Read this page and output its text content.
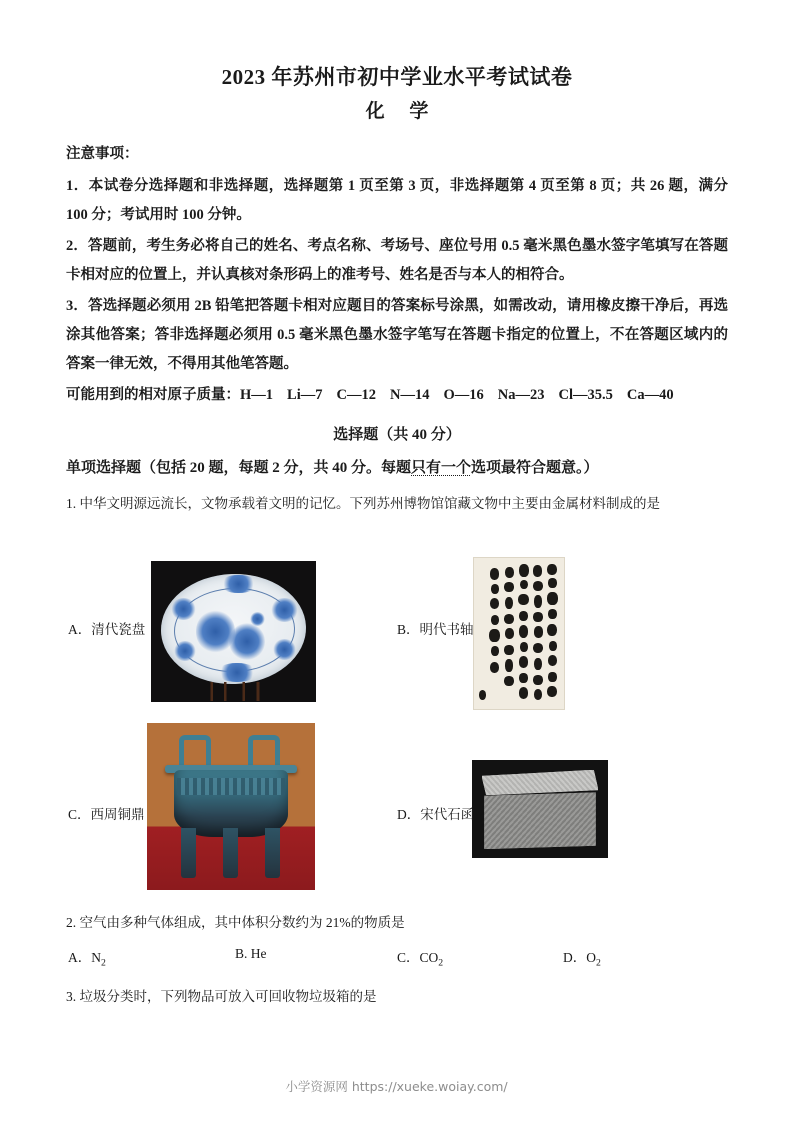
2023 年苏州市初中学业水平考试试卷
化 学
注意事项：
1．本试卷分选择题和非选择题，选择题第 1 页至第 3 页，非选择题第 4 页至第 8 页；共 26 题，满分 100 分；考试用时 100 分钟。
2．答题前，考生务必将自己的姓名、考点名称、考场号、座位号用 0.5 毫米黑色墨水签字笔填写在答题卡相对应的位置上，并认真核对条形码上的准考号、姓名是否与本人的相符合。
3．答选择题必须用 2B 铅笔把答题卡相对应题目的答案标号涂黑，如需改动，请用橡皮擦干净后，再选涂其他答案；答非选择题必须用 0.5 毫米黑色墨水签字笔写在答题卡指定的位置上，不在答题区域内的答案一律无效，不得用其他笔答题。
可能用到的相对原子质量：H—1 Li—7 C—12 N—14 O—16 Na—23 Cl—35.5 Ca—40
选择题（共 40 分）
单项选择题（包括 20 题，每题 2 分，共 40 分。每题只有一个选项最符合题意。）
1. 中华文明源远流长，文物承载着文明的记忆。下列苏州博物馆馆藏文物中主要由金属材料制成的是
A．清代瓷盘	B．明代书轴
C．西周铜鼎	D．宋代石函
2. 空气由多种气体组成，其中体积分数约为 21%的物质是
A．$N_2$
B. He	C．$CO_2$	D．$O_2$
3. 垃圾分类时，下列物品可放入可回收物垃圾箱的是
小学资源网 https://xueke.woiay.com/
